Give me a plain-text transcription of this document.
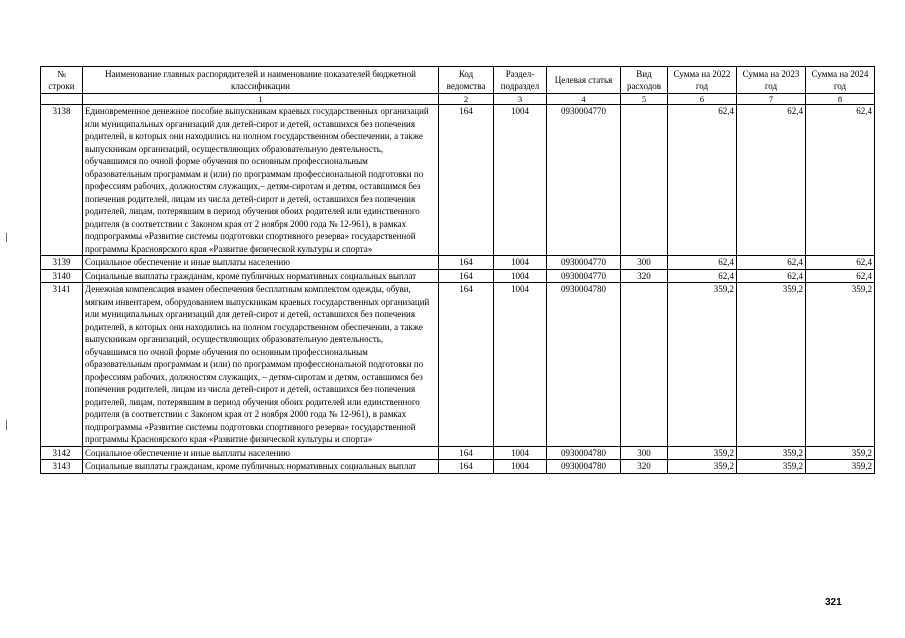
№ строки	Наименование главных распорядителей и наименование показателей бюджетной классификации	Код ведомства	Раздел-подраздел	Целевая статья	Вид расходов	Сумма на 2022 год	Сумма на 2023 год	Сумма на 2024 год
	1	2	3	4	5	6	7	8
3138	Единовременное денежное пособие выпускникам краевых государственных организаций или муниципальных организаций для детей-сирот и детей, оставшихся без попечения родителей, в которых они находились на полном государственном обеспечении, а также выпускникам организаций, осуществляющих образовательную деятельность, обучавшимся по очной форме обучения по основным профессиональным образовательным программам и (или) по программам профессиональной подготовки по профессиям рабочих, должностям служащих,– детям-сиротам и детям, оставшимся без попечения родителей, лицам из числа детей-сирот и детей, оставшихся без попечения родителей, лицам, потерявшим в период обучения обоих родителей или единственного родителя (в соответствии с Законом края от 2 ноября 2000 года № 12-961), в рамках подпрограммы «Развитие системы подготовки спортивного резерва» государственной программы Красноярского края «Развитие физической культуры и спорта»	164	1004	0930004770		62,4	62,4	62,4
3139	Социальное обеспечение и иные выплаты населению	164	1004	0930004770	300	62,4	62,4	62,4
3140	Социальные выплаты гражданам, кроме публичных нормативных социальных выплат	164	1004	0930004770	320	62,4	62,4	62,4
3141	Денежная компенсация взамен обеспечения бесплатным комплектом одежды, обуви, мягким инвентарем, оборудованием выпускникам краевых государственных организаций или муниципальных организаций для детей-сирот и детей, оставшихся без попечения родителей, в которых они находились на полном государственном обеспечении, а также выпускникам организаций, осуществляющих образовательную деятельность, обучавшимся по очной форме обучения по основным профессиональным образовательным программам и (или) по программам профессиональной подготовки по профессиям рабочих, должностям служащих, – детям-сиротам и детям, оставшимся без попечения родителей, лицам из числа детей-сирот и детей, оставшихся без попечения родителей, лицам, потерявшим в период обучения обоих родителей или единственного родителя (в соответствии с Законом края от 2 ноября 2000 года № 12-961), в рамках подпрограммы «Развитие системы подготовки спортивного резерва» государственной программы Красноярского края «Развитие физической культуры и спорта»	164	1004	0930004780		359,2	359,2	359,2
3142	Социальное обеспечение и иные выплаты населению	164	1004	0930004780	300	359,2	359,2	359,2
3143	Социальные выплаты гражданам, кроме публичных нормативных социальных выплат	164	1004	0930004780	320	359,2	359,2	359,2
321
